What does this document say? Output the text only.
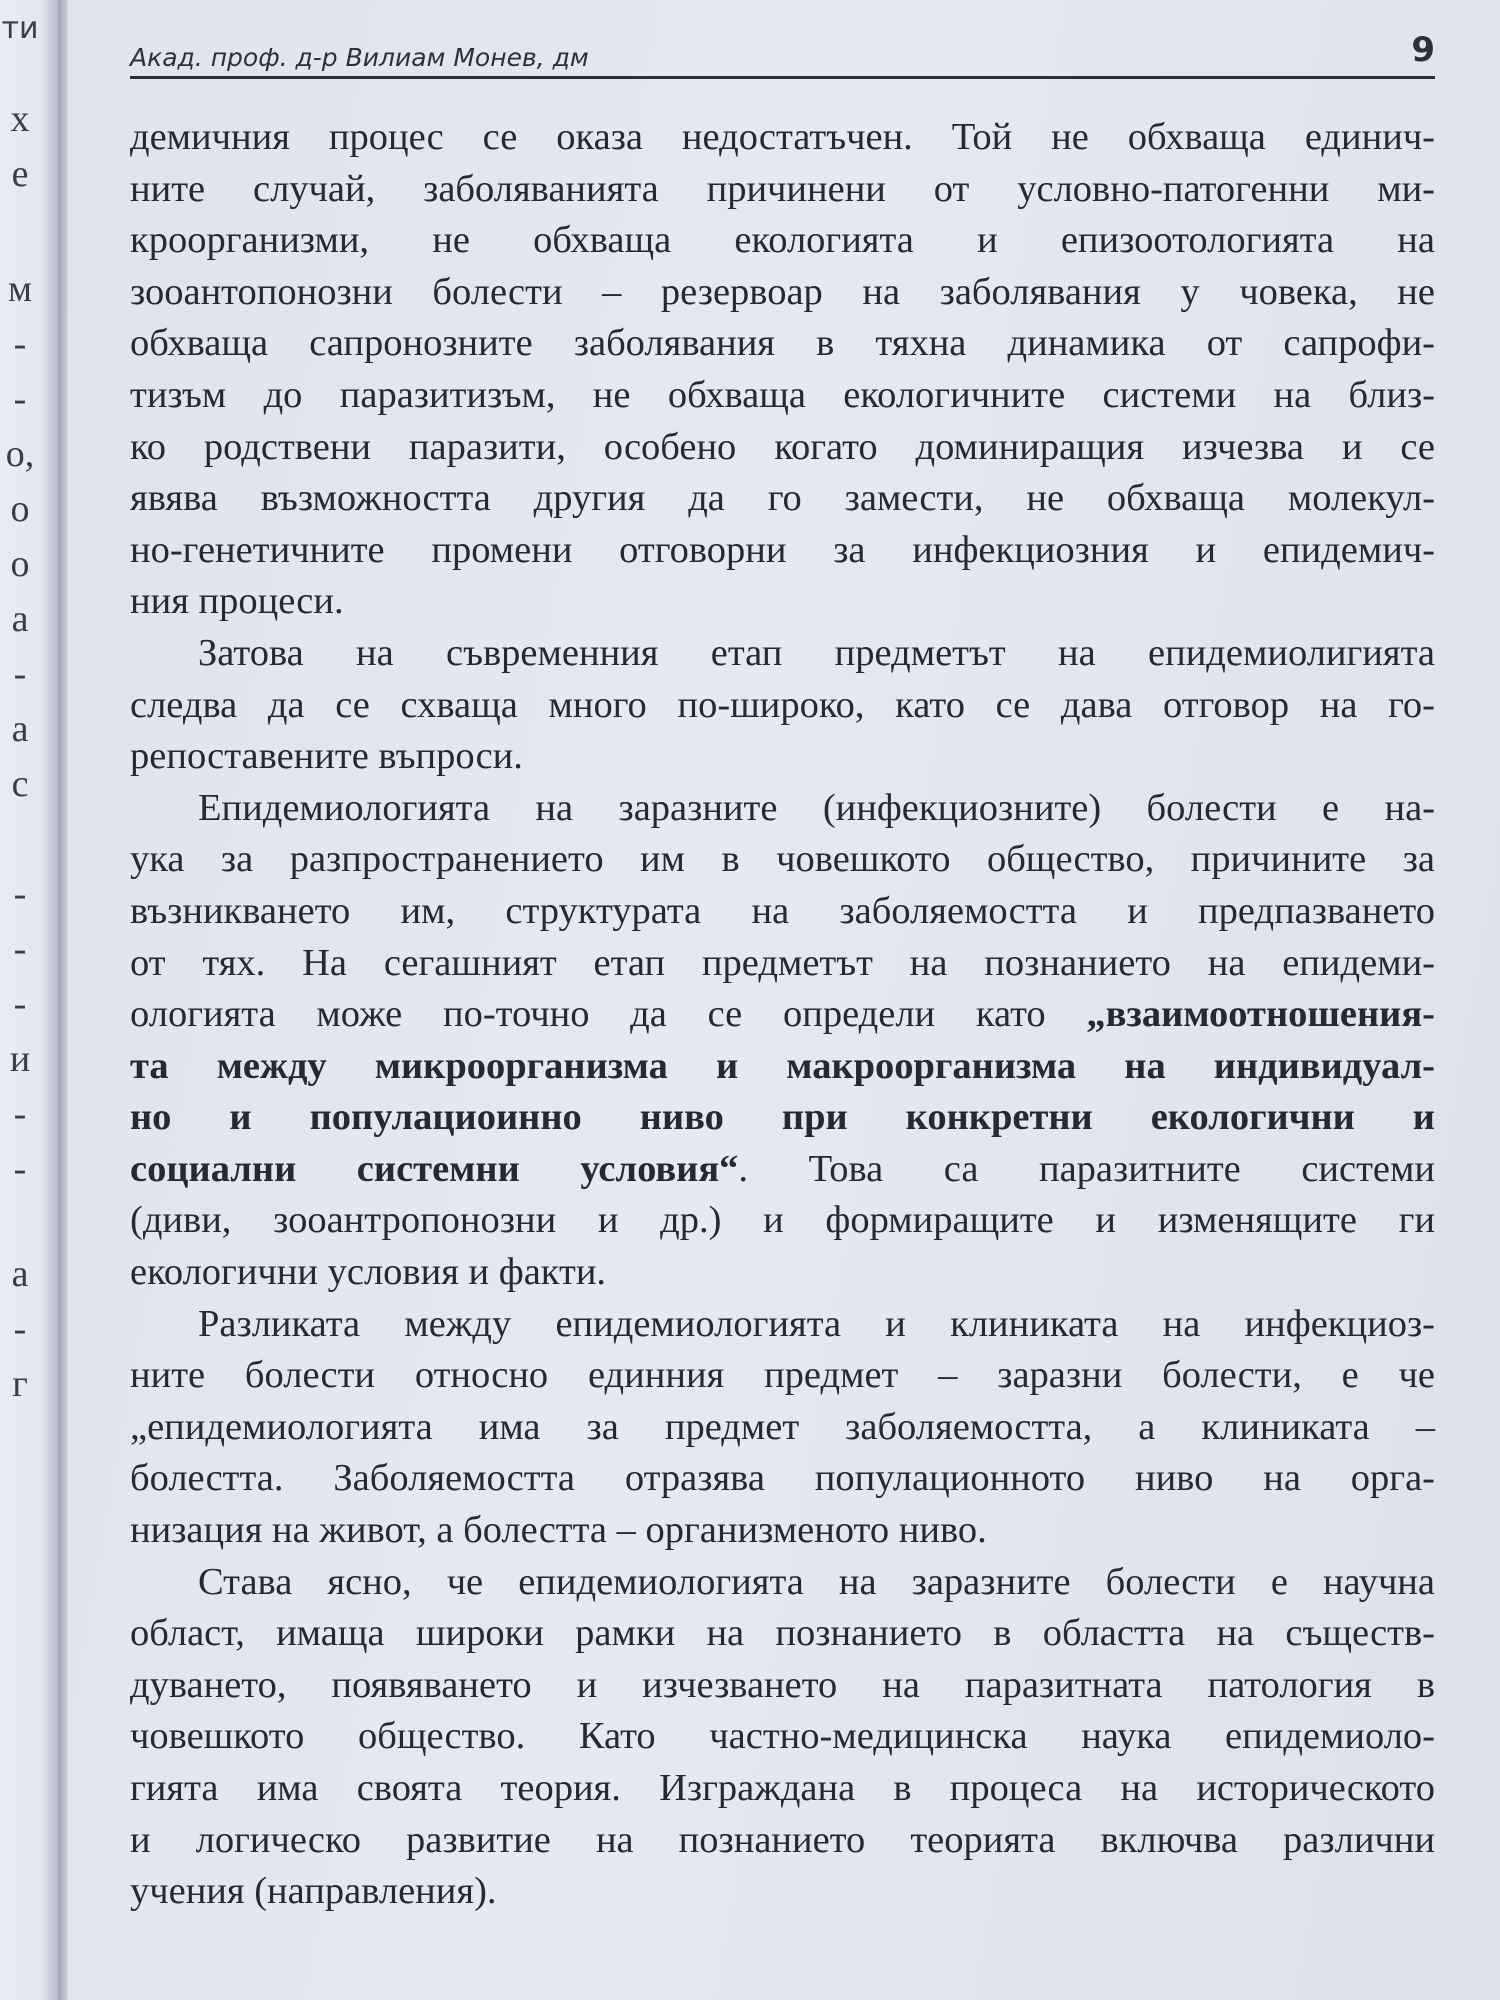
ти
х
е
м
-
-
о,
о
о
а
-
а
с
-
-
-
и
-
-
а
-
г
Акад. проф. д-р Вилиам Монев, дм	9
демичния процес се оказа недостатъчен. Той не обхваща единич-
ните случай, заболяванията причинени от условно-патогенни ми-
кроорганизми, не обхваща екологията и епизоотологията на
зооантопонозни болести – резервоар на заболявания у човека, не
обхваща сапронозните заболявания в тяхна динамика от сапрофи-
тизъм до паразитизъм, не обхваща екологичните системи на близ-
ко родствени паразити, особено когато доминиращия изчезва и се
явява възможността другия да го замести, не обхваща молекул-
но-генетичните промени отговорни за инфекциозния и епидемич-
ния процеси.
Затова на съвременния етап предметът на епидемиолигията
следва да се схваща много по-широко, като се дава отговор на го-
репоставените въпроси.
Епидемиологията на заразните (инфекциозните) болести е на-
ука за разпространението им в човешкото общество, причините за
възникването им, структурата на заболяемостта и предпазването
от тях. На сегашният етап предметът на познанието на епидеми-
ологията може по-точно да се определи като „взаимоотношения-
та между микроорганизма и макроорганизма на индивидуал-
но и популациоинно ниво при конкретни екологични и
социални системни условия“. Това са паразитните системи
(диви, зооантропонозни и др.) и формиращите и изменящите ги
екологични условия и факти.
Разликата между епидемиологията и клиниката на инфекциоз-
ните болести относно единния предмет – заразни болести, е че
„епидемиологията има за предмет заболяемостта, а клиниката –
болестта. Заболяемостта отразява популационното ниво на орга-
низация на живот, а болестта – организменото ниво.
Става ясно, че епидемиологията на заразните болести е научна
област, имаща широки рамки на познанието в областта на съществ-
дуването, появяването и изчезването на паразитната патология в
човешкото общество. Като частно-медицинска наука епидемиоло-
гията има своята теория. Изграждана в процеса на историческото
и логическо развитие на познанието теорията включва различни
учения (направления).
